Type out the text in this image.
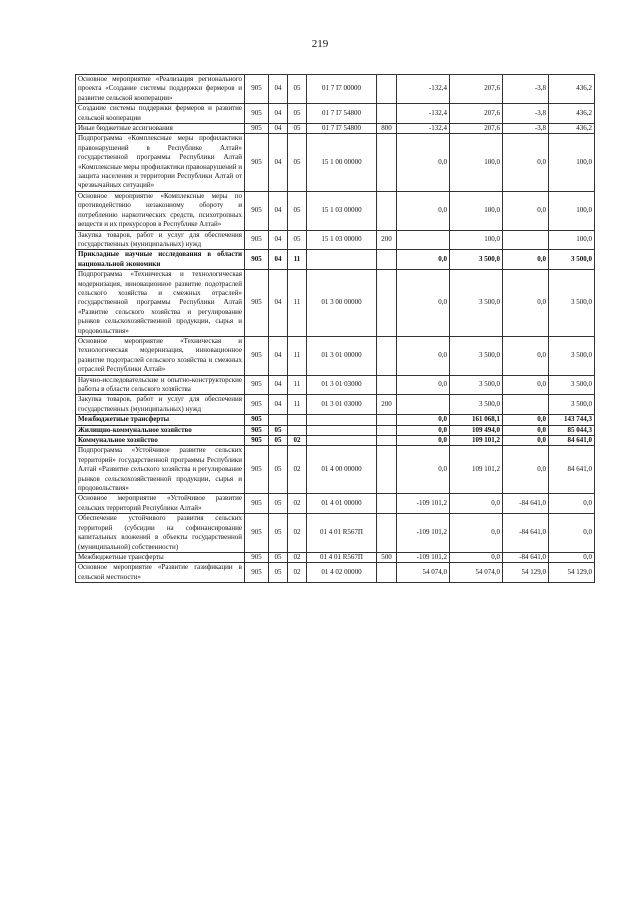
219
Основное мероприятие «Реализация регионального проекта «Создание системы поддержки фермеров и развитие сельской кооперации»	905	04	05	01 7 I7 00000		-132,4	207,6	-3,8	436,2
Создание системы поддержки фермеров и развитие сельской кооперации	905	04	05	01 7 I7 54800		-132,4	207,6	-3,8	436,2
Иные бюджетные ассигнования	905	04	05	01 7 I7 54800	800	-132,4	207,6	-3,8	436,2
Подпрограмма «Комплексные меры профилактики правонарушений в Республике Алтай» государственной программы Республики Алтай «Комплексные меры профилактики правонарушений и защита населения и территории Республики Алтай от чрезвычайных ситуаций»	905	04	05	15 1 00 00000		0,0	100,0	0,0	100,0
Основное мероприятие «Комплексные меры по противодействию незаконному обороту и потреблению наркотических средств, психотропных веществ и их прекурсоров в Республике Алтай»	905	04	05	15 1 03 00000		0,0	100,0	0,0	100,0
Закупка товаров, работ и услуг для обеспечения государственных (муниципальных) нужд	905	04	05	15 1 03 00000	200		100,0		100,0
Прикладные научные исследования в области национальной экономики	905	04	11			0,0	3 500,0	0,0	3 500,0
Подпрограмма «Техническая и технологическая модернизация, инновационное развитие подотраслей сельского хозяйства и смежных отраслей» государственной программы Республики Алтай «Развитие сельского хозяйства и регулирование рынков сельскохозяйственной продукции, сырья и продовольствия»	905	04	11	01 3 00 00000		0,0	3 500,0	0,0	3 500,0
Основное мероприятие «Техническая и технологическая модернизация, инновационное развитие подотраслей сельского хозяйства и смежных отраслей Республики Алтай»	905	04	11	01 3 01 00000		0,0	3 500,0	0,0	3 500,0
Научно-исследовательские и опытно-конструкторские работы в области сельского хозяйства	905	04	11	01 3 01 03000		0,0	3 500,0	0,0	3 500,0
Закупка товаров, работ и услуг для обеспечения государственных (муниципальных) нужд	905	04	11	01 3 01 03000	200		3 500,0		3 500,0
Межбюджетные трансферты	905					0,0	161 068,1	0,0	143 744,3
Жилищно-коммунальное хозяйство	905	05				0,0	109 494,0	0,0	85 044,3
Коммунальное хозяйство	905	05	02			0,0	109 101,2	0,0	84 641,0
Подпрограмма «Устойчивое развитие сельских территорий» государственной программы Республики Алтай «Развитие сельского хозяйства и регулирование рынков сельскохозяйственной продукции, сырья и продовольствия»	905	05	02	01 4 00 00000		0,0	109 101,2	0,0	84 641,0
Основное мероприятие «Устойчивое развитие сельских территорий Республики Алтай»	905	05	02	01 4 01 00000		-109 101,2	0,0	-84 641,0	0,0
Обеспечение устойчивого развития сельских территорий (субсидии на софинансирование капитальных вложений в объекты государственной (муниципальной) собственности)	905	05	02	01 4 01 R567П		-109 101,2	0,0	-84 641,0	0,0
Межбюджетные трансферты	905	05	02	01 4 01 R567П	500	-109 101,2	0,0	-84 641,0	0,0
Основное мероприятие «Развитие газификации в сельской местности»	905	05	02	01 4 02 00000		54 074,0	54 074,0	54 129,0	54 129,0
